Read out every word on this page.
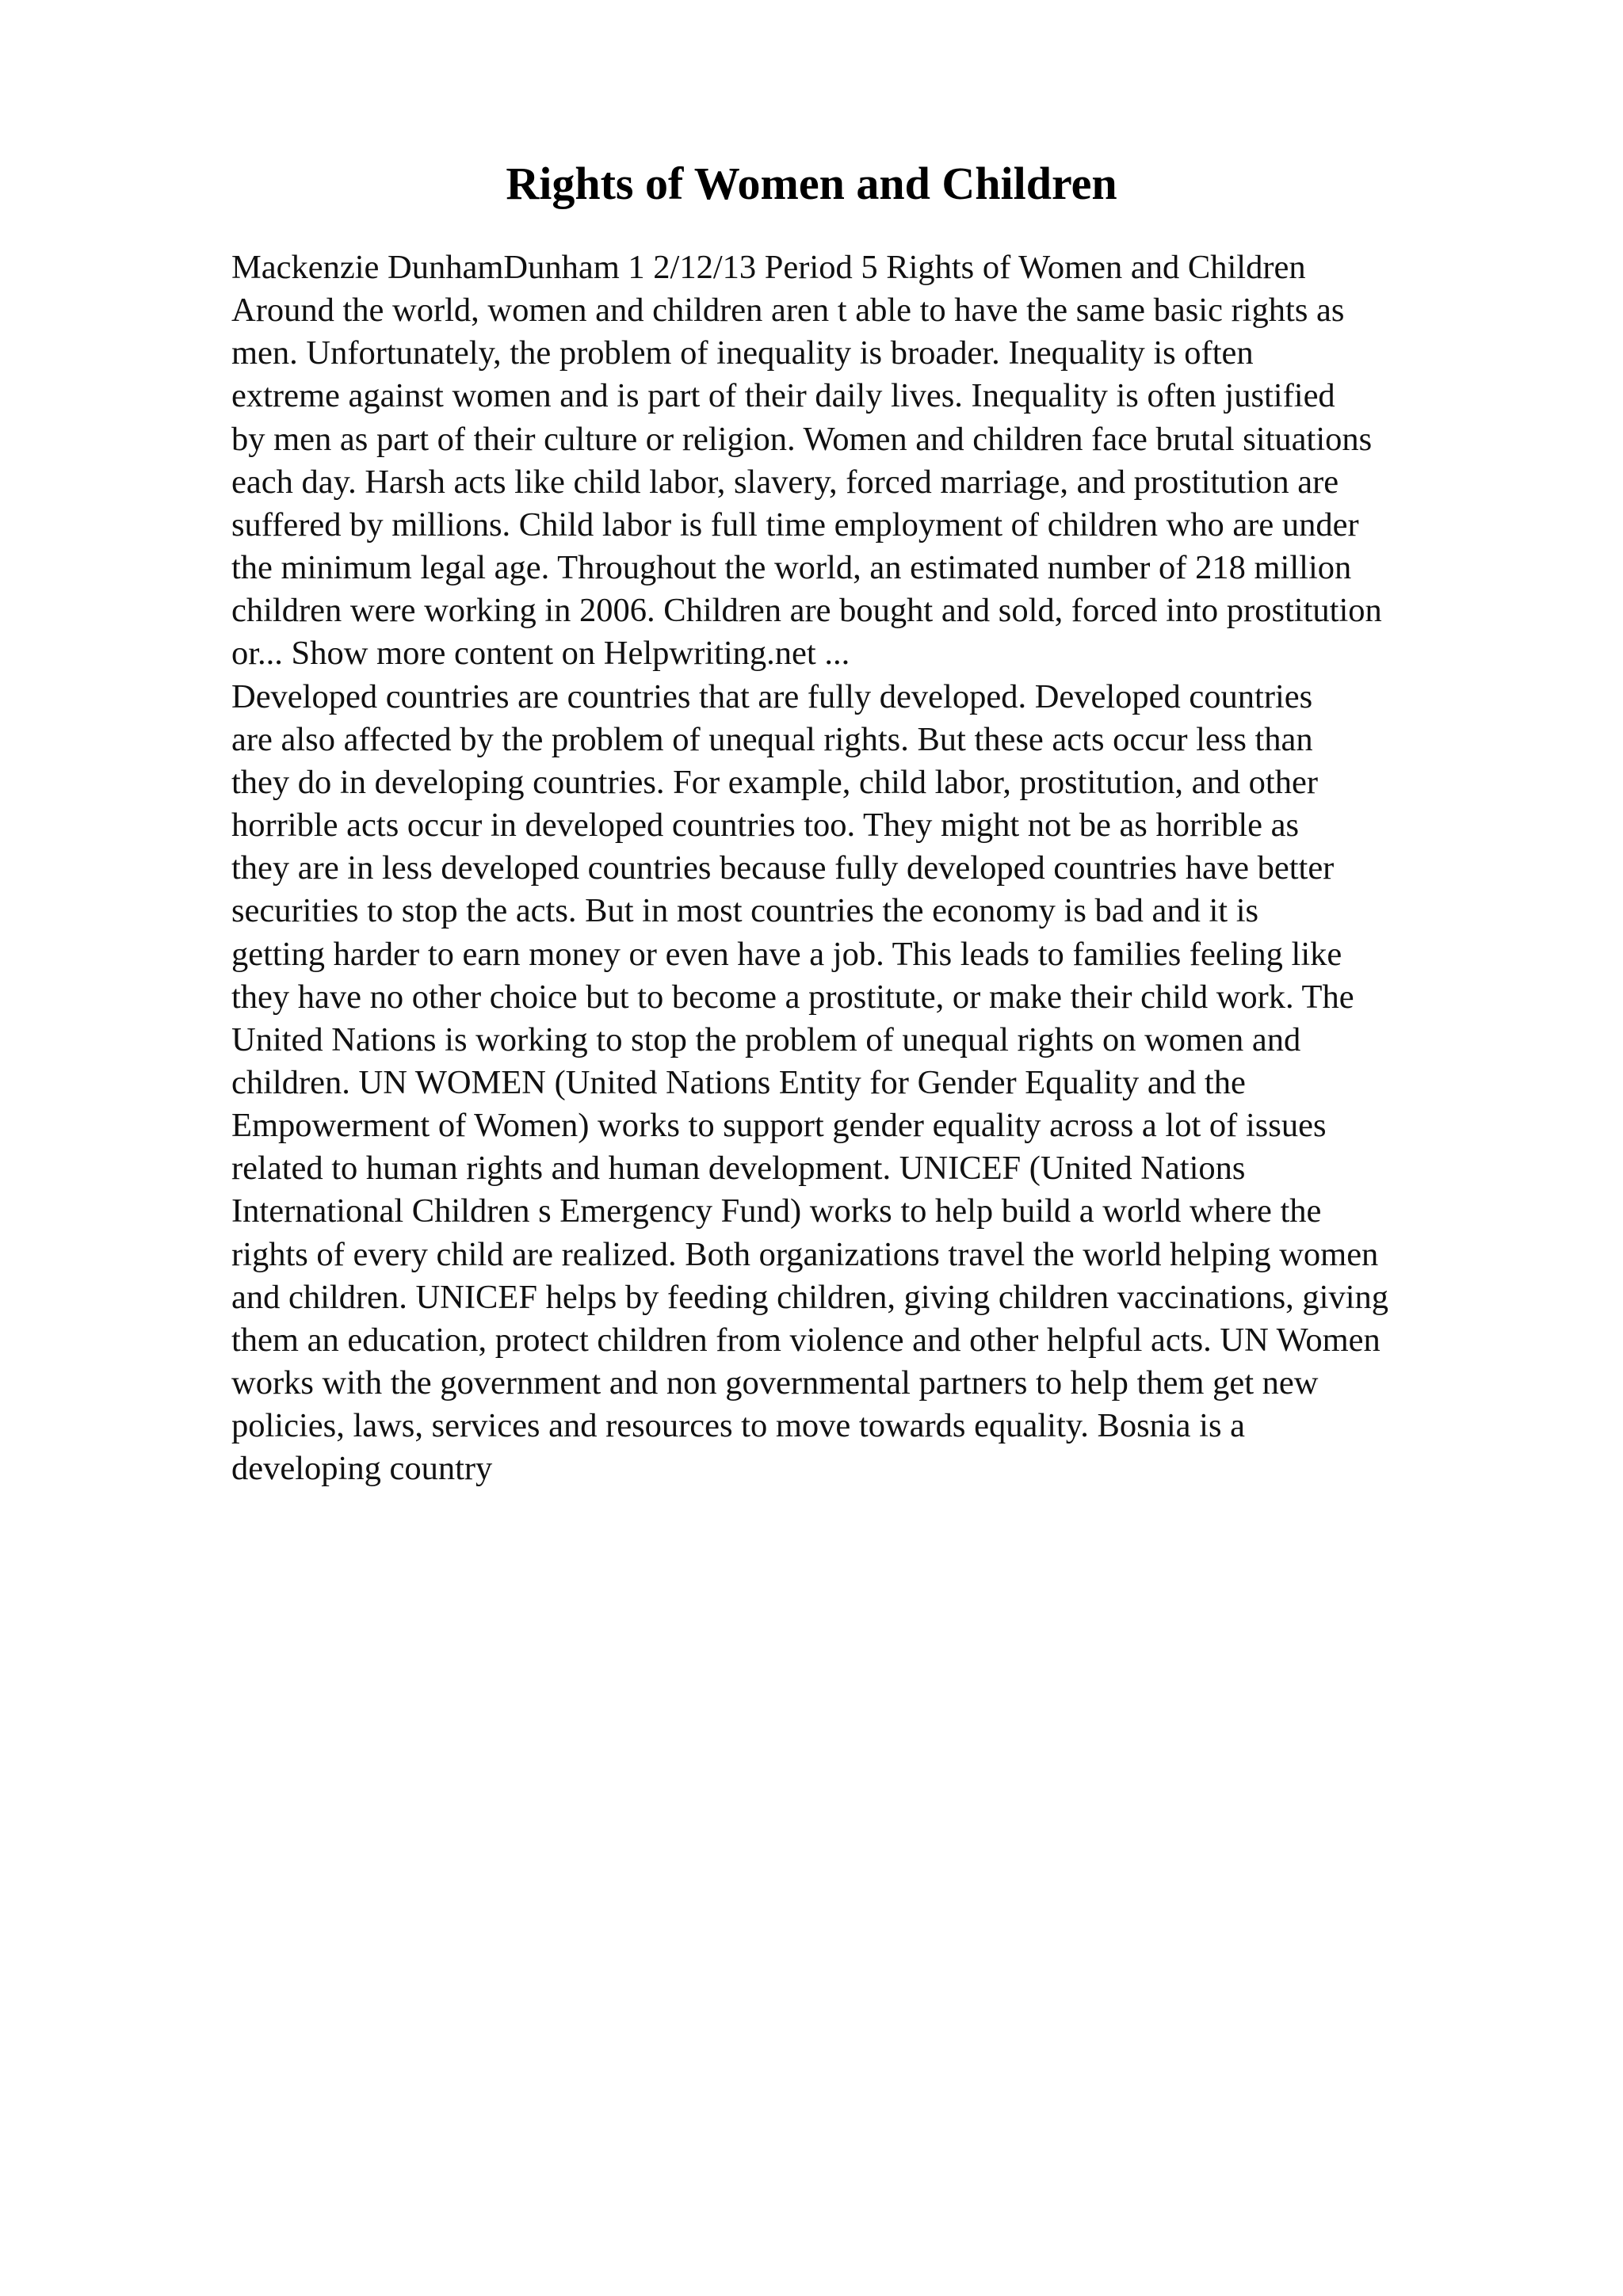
Rights of Women and Children
Mackenzie DunhamDunham 1 2/12/13 Period 5 Rights of Women and Children
Around the world, women and children aren t able to have the same basic rights as
men. Unfortunately, the problem of inequality is broader. Inequality is often
extreme against women and is part of their daily lives. Inequality is often justified
by men as part of their culture or religion. Women and children face brutal situations
each day. Harsh acts like child labor, slavery, forced marriage, and prostitution are
suffered by millions. Child labor is full time employment of children who are under
the minimum legal age. Throughout the world, an estimated number of 218 million
children were working in 2006. Children are bought and sold, forced into prostitution
or... Show more content on Helpwriting.net ...
Developed countries are countries that are fully developed. Developed countries
are also affected by the problem of unequal rights. But these acts occur less than
they do in developing countries. For example, child labor, prostitution, and other
horrible acts occur in developed countries too. They might not be as horrible as
they are in less developed countries because fully developed countries have better
securities to stop the acts. But in most countries the economy is bad and it is
getting harder to earn money or even have a job. This leads to families feeling like
they have no other choice but to become a prostitute, or make their child work. The
United Nations is working to stop the problem of unequal rights on women and
children. UN WOMEN (United Nations Entity for Gender Equality and the
Empowerment of Women) works to support gender equality across a lot of issues
related to human rights and human development. UNICEF (United Nations
International Children s Emergency Fund) works to help build a world where the
rights of every child are realized. Both organizations travel the world helping women
and children. UNICEF helps by feeding children, giving children vaccinations, giving
them an education, protect children from violence and other helpful acts. UN Women
works with the government and non governmental partners to help them get new
policies, laws, services and resources to move towards equality. Bosnia is a
developing country
